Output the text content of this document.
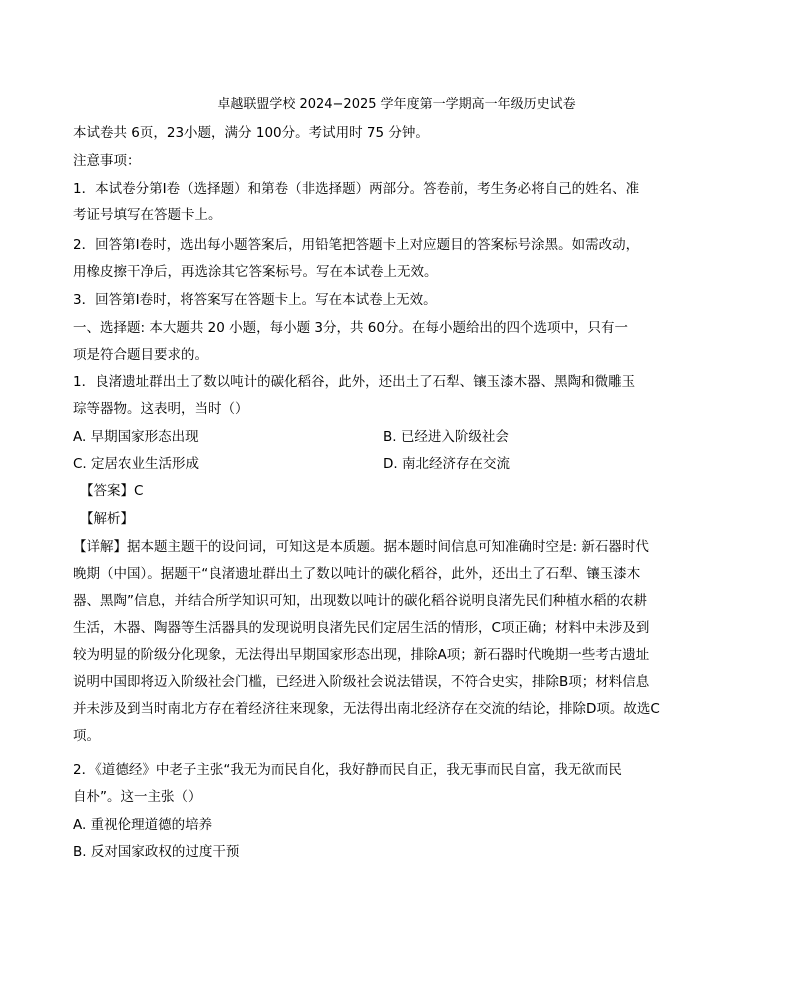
卓越联盟学校 2024−2025 学年度第一学期高一年级历史试卷
本试卷共 6页，23小题，满分 100分。考试用时 75 分钟。
注意事项：
1．本试卷分第Ⅰ卷（选择题）和第卷（非选择题）两部分。答卷前，考生务必将自己的姓名、准
考证号填写在答题卡上。
2．回答第Ⅰ卷时，选出每小题答案后，用铅笔把答题卡上对应题目的答案标号涂黑。如需改动，
用橡皮擦干净后，再选涂其它答案标号。写在本试卷上无效。
3．回答第Ⅰ卷时，将答案写在答题卡上。写在本试卷上无效。
一、选择题: 本大题共 20 小题，每小题 3分，共 60分。在每小题给出的四个选项中，只有一
项是符合题目要求的。
1．良渚遗址群出土了数以吨计的碳化稻谷，此外，还出土了石犁、镶玉漆木器、黑陶和微雕玉
琮等器物。这表明，当时（）
A. 早期国家形态出现	B. 已经进入阶级社会
C. 定居农业生活形成	D. 南北经济存在交流
【答案】C
【解析】
【详解】据本题主题干的设问词，可知这是本质题。据本题时间信息可知准确时空是: 新石器时代
晚期（中国）。据题干“良渚遗址群出土了数以吨计的碳化稻谷，此外，还出土了石犁、镶玉漆木
器、黑陶”信息，并结合所学知识可知，出现数以吨计的碳化稻谷说明良渚先民们种植水稻的农耕
生活，木器、陶器等生活器具的发现说明良渚先民们定居生活的情形，C项正确；材料中未涉及到
较为明显的阶级分化现象，无法得出早期国家形态出现，排除A项；新石器时代晚期一些考古遗址
说明中国即将迈入阶级社会门槛，已经进入阶级社会说法错误，不符合史实，排除B项；材料信息
并未涉及到当时南北方存在着经济往来现象，无法得出南北经济存在交流的结论，排除D项。故选C
项。
2．《道德经》中老子主张“我无为而民自化，我好静而民自正，我无事而民自富，我无欲而民
自朴”。这一主张（）
A. 重视伦理道德的培养
B. 反对国家政权的过度干预
